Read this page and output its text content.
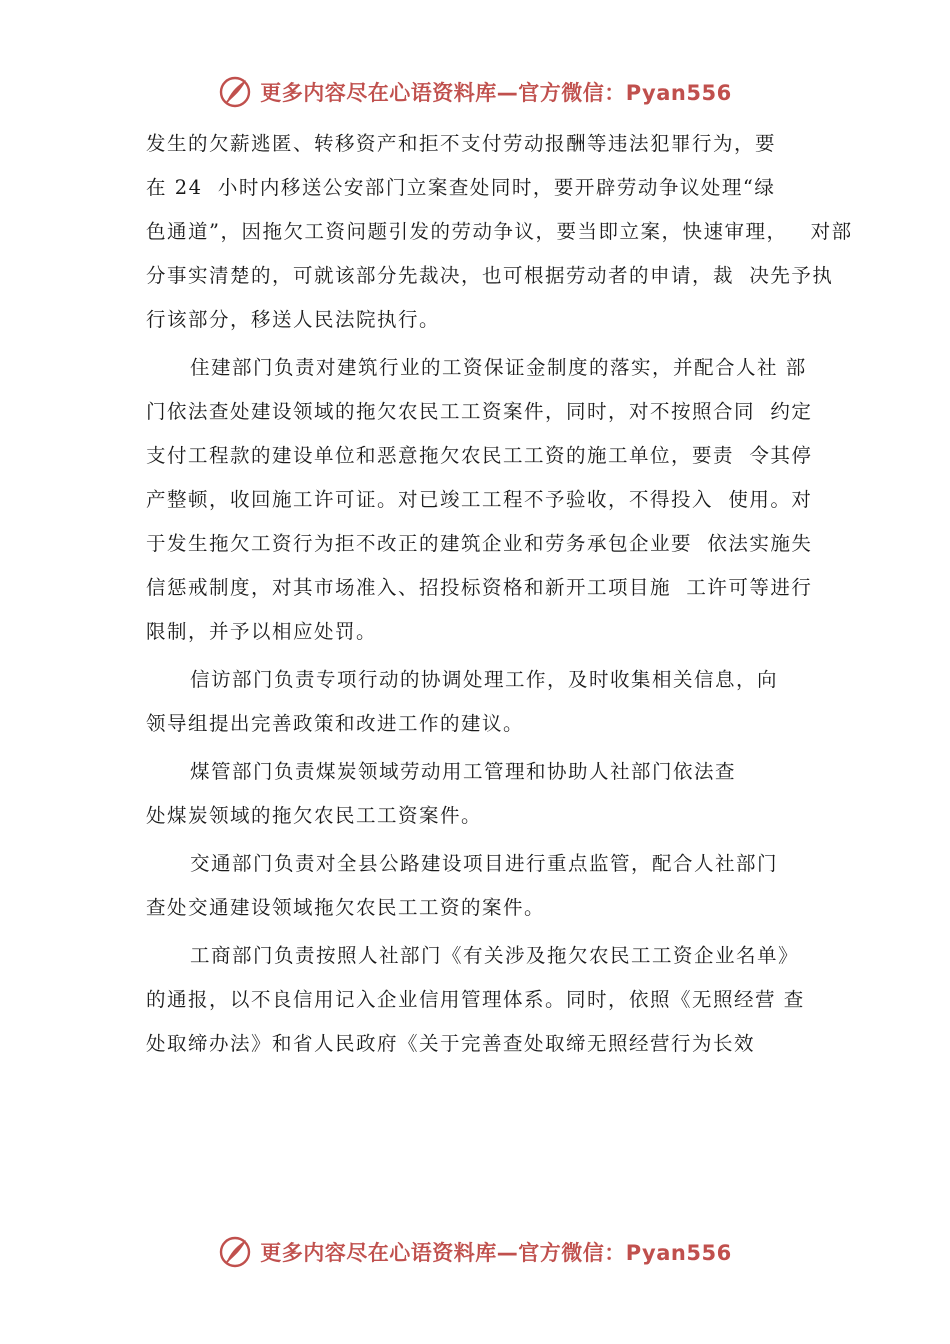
更多内容尽在心语资料库—官方微信：Pyan556
发生的欠薪逃匿、转移资产和拒不支付劳动报酬等违法犯罪行为，要
在 24  小时内移送公安部门立案查处同时，要开辟劳动争议处理“绿
色通道”，因拖欠工资问题引发的劳动争议，要当即立案，快速审理，   对部
分事实清楚的，可就该部分先裁决，也可根据劳动者的申请，裁  决先予执
行该部分，移送人民法院执行。
住建部门负责对建筑行业的工资保证金制度的落实，并配合人社 部
门依法查处建设领域的拖欠农民工工资案件，同时，对不按照合同  约定
支付工程款的建设单位和恶意拖欠农民工工资的施工单位，要责  令其停
产整顿，收回施工许可证。对已竣工工程不予验收，不得投入  使用。对
于发生拖欠工资行为拒不改正的建筑企业和劳务承包企业要  依法实施失
信惩戒制度，对其市场准入、招投标资格和新开工项目施  工许可等进行
限制，并予以相应处罚。
信访部门负责专项行动的协调处理工作，及时收集相关信息，向
领导组提出完善政策和改进工作的建议。
煤管部门负责煤炭领域劳动用工管理和协助人社部门依法查
处煤炭领域的拖欠农民工工资案件。
交通部门负责对全县公路建设项目进行重点监管，配合人社部门
查处交通建设领域拖欠农民工工资的案件。
工商部门负责按照人社部门《有关涉及拖欠农民工工资企业名单》
的通报，以不良信用记入企业信用管理体系。同时，依照《无照经营 查
处取缔办法》和省人民政府《关于完善查处取缔无照经营行为长效
更多内容尽在心语资料库—官方微信：Pyan556
